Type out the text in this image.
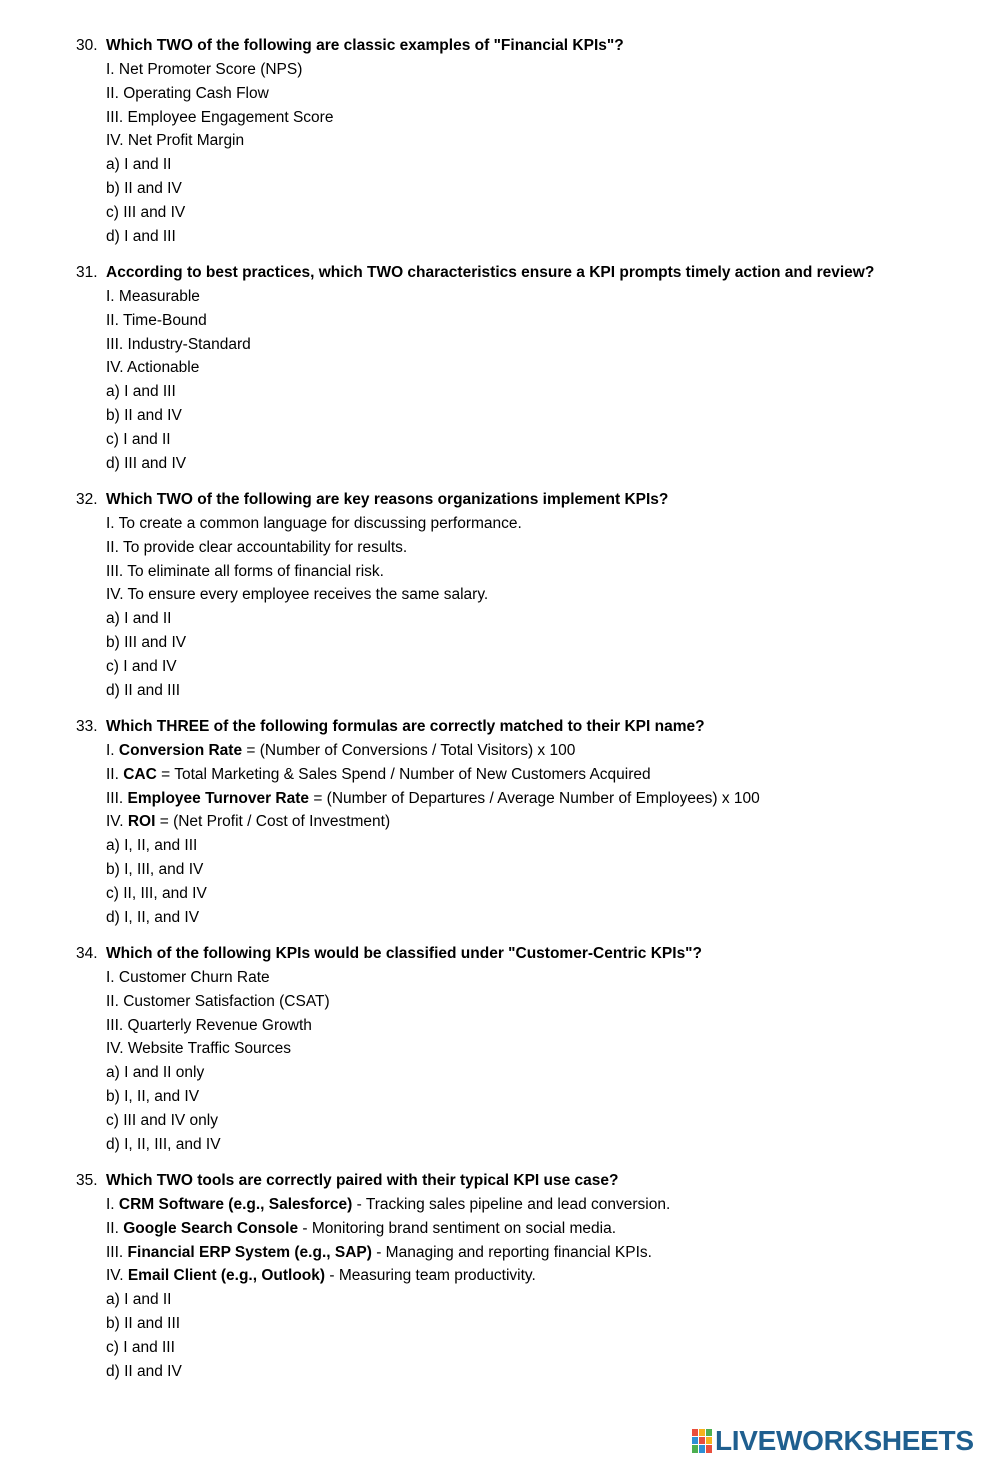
30. Which TWO of the following are classic examples of "Financial KPIs"?
I. Net Promoter Score (NPS)
II. Operating Cash Flow
III. Employee Engagement Score
IV. Net Profit Margin
a) I and II
b) II and IV
c) III and IV
d) I and III
31. According to best practices, which TWO characteristics ensure a KPI prompts timely action and review?
I. Measurable
II. Time-Bound
III. Industry-Standard
IV. Actionable
a) I and III
b) II and IV
c) I and II
d) III and IV
32. Which TWO of the following are key reasons organizations implement KPIs?
I. To create a common language for discussing performance.
II. To provide clear accountability for results.
III. To eliminate all forms of financial risk.
IV. To ensure every employee receives the same salary.
a) I and II
b) III and IV
c) I and IV
d) II and III
33. Which THREE of the following formulas are correctly matched to their KPI name?
I. Conversion Rate = (Number of Conversions / Total Visitors) x 100
II. CAC = Total Marketing & Sales Spend / Number of New Customers Acquired
III. Employee Turnover Rate = (Number of Departures / Average Number of Employees) x 100
IV. ROI = (Net Profit / Cost of Investment)
a) I, II, and III
b) I, III, and IV
c) II, III, and IV
d) I, II, and IV
34. Which of the following KPIs would be classified under "Customer-Centric KPIs"?
I. Customer Churn Rate
II. Customer Satisfaction (CSAT)
III. Quarterly Revenue Growth
IV. Website Traffic Sources
a) I and II only
b) I, II, and IV
c) III and IV only
d) I, II, III, and IV
35. Which TWO tools are correctly paired with their typical KPI use case?
I. CRM Software (e.g., Salesforce) - Tracking sales pipeline and lead conversion.
II. Google Search Console - Monitoring brand sentiment on social media.
III. Financial ERP System (e.g., SAP) - Managing and reporting financial KPIs.
IV. Email Client (e.g., Outlook) - Measuring team productivity.
a) I and II
b) II and III
c) I and III
d) II and IV
LIVEWORKSHEETS
